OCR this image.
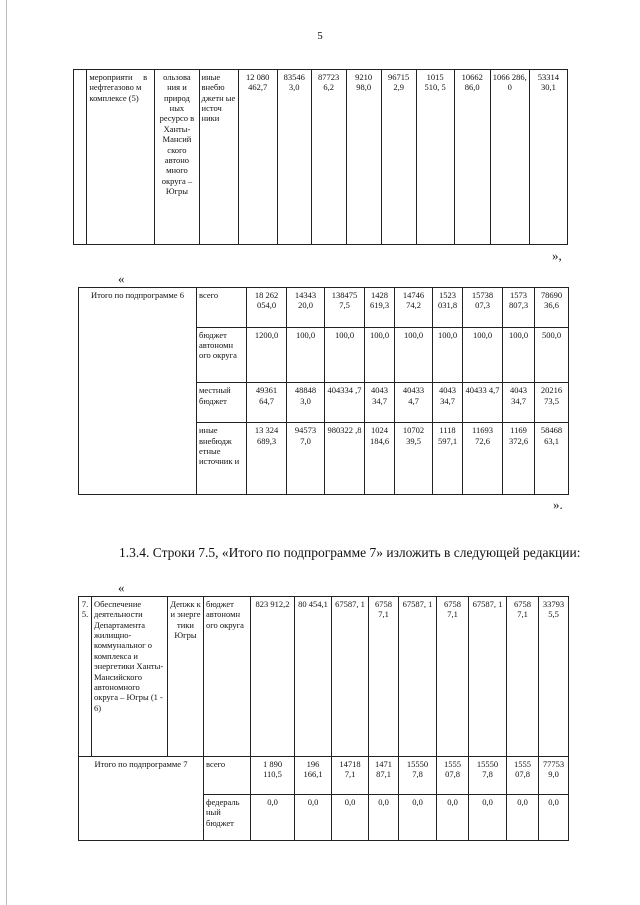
5
	мероприяти     в нефтегазово м комплексе (5)	ользова ния и природ ных ресурсо в Ханты-Мансий ского автоно много округа – Югры	иные внебю джетн ые источ ники	12 080 462,7	83546 3,0	87723 6,2	9210 98,0	96715 2,9	1015 510, 5	10662 86,0	1066 286, 0	53314 30,1
»,
«
Итого по подпрограмме 6	всего	18 262 054,0	14343 20,0	138475 7,5	1428 619,3	14746 74,2	1523 031,8	15738 07,3	1573 807,3	78690 36,6
	бюджет автономн ого округа	1200,0	100,0	100,0	100,0	100,0	100,0	100,0	100,0	500,0
	местный бюджет	49361 64,7	48848 3,0	404334 ,7	4043 34,7	40433 4,7	4043 34,7	40433 4,7	4043 34,7	20216 73,5
	иные внебюдж етные источник и	13 324 689,3	94573 7,0	980322 ,8	1024 184,6	10702 39,5	1118 597,1	11693 72,6	1169 372,6	58468 63,1
».
1.3.4. Строки 7.5, «Итого по подпрограмме 7» изложить в следующей редакции:
«
7. 5.	Обеспечение деятельности Департамента жилищно-коммунальног о комплекса и энергетики Ханты-Мансийского автономного округа – Югры (1 - 6)	Депжк к и энерге тики Югры	бюджет автономн ого округа	823 912,2	80 454,1	67587, 1	6758 7,1	67587, 1	6758 7,1	67587, 1	6758 7,1	33793 5,5
Итого по подпрограмме 7			всего	1 890 110,5	196 166,1	14718 7,1	1471 87,1	15550 7,8	1555 07,8	15550 7,8	1555 07,8	77753 9,0
			федераль ный бюджет	0,0	0,0	0,0	0,0	0,0	0,0	0,0	0,0	0,0
